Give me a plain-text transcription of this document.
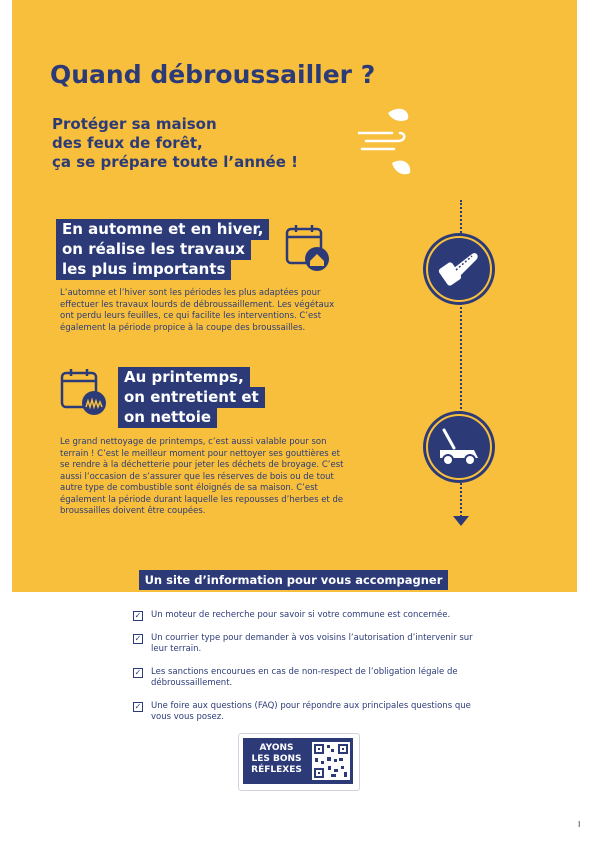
Quand débroussailler ?
Protéger sa maison
des feux de forêt,
ça se prépare toute l’année !
En automne et en hiver,
on réalise les travaux
les plus importants

L’automne et l’hiver sont les périodes les plus adaptées pour effectuer les travaux lourds de débroussaillement. Les végétaux ont perdu leurs feuilles, ce qui facilite les interventions. C’est également la période propice à la coupe des broussailles.

Au printemps,
on entretient et
on nettoie

Le grand nettoyage de printemps, c’est aussi valable pour son terrain ! C’est le meilleur moment pour nettoyer ses gouttières et se rendre à la déchetterie pour jeter les déchets de broyage. C’est aussi l’occasion de s’assurer que les réserves de bois ou de tout autre type de combustible sont éloignés de sa maison. C’est également la période durant laquelle les repousses d’herbes et de broussailles doivent être coupées.

Un site d’information pour vous accompagner
✓ Un moteur de recherche pour savoir si votre commune est concernée.
✓ Un courrier type pour demander à vos voisins l’autorisation d’intervenir sur leur terrain.
✓ Les sanctions encourues en cas de non-respect de l’obligation légale de débroussaillement.
✓ Une foire aux questions (FAQ) pour répondre aux principales questions que vous vous posez.
AYONS
LES BONS
RÉFLEXES
I
